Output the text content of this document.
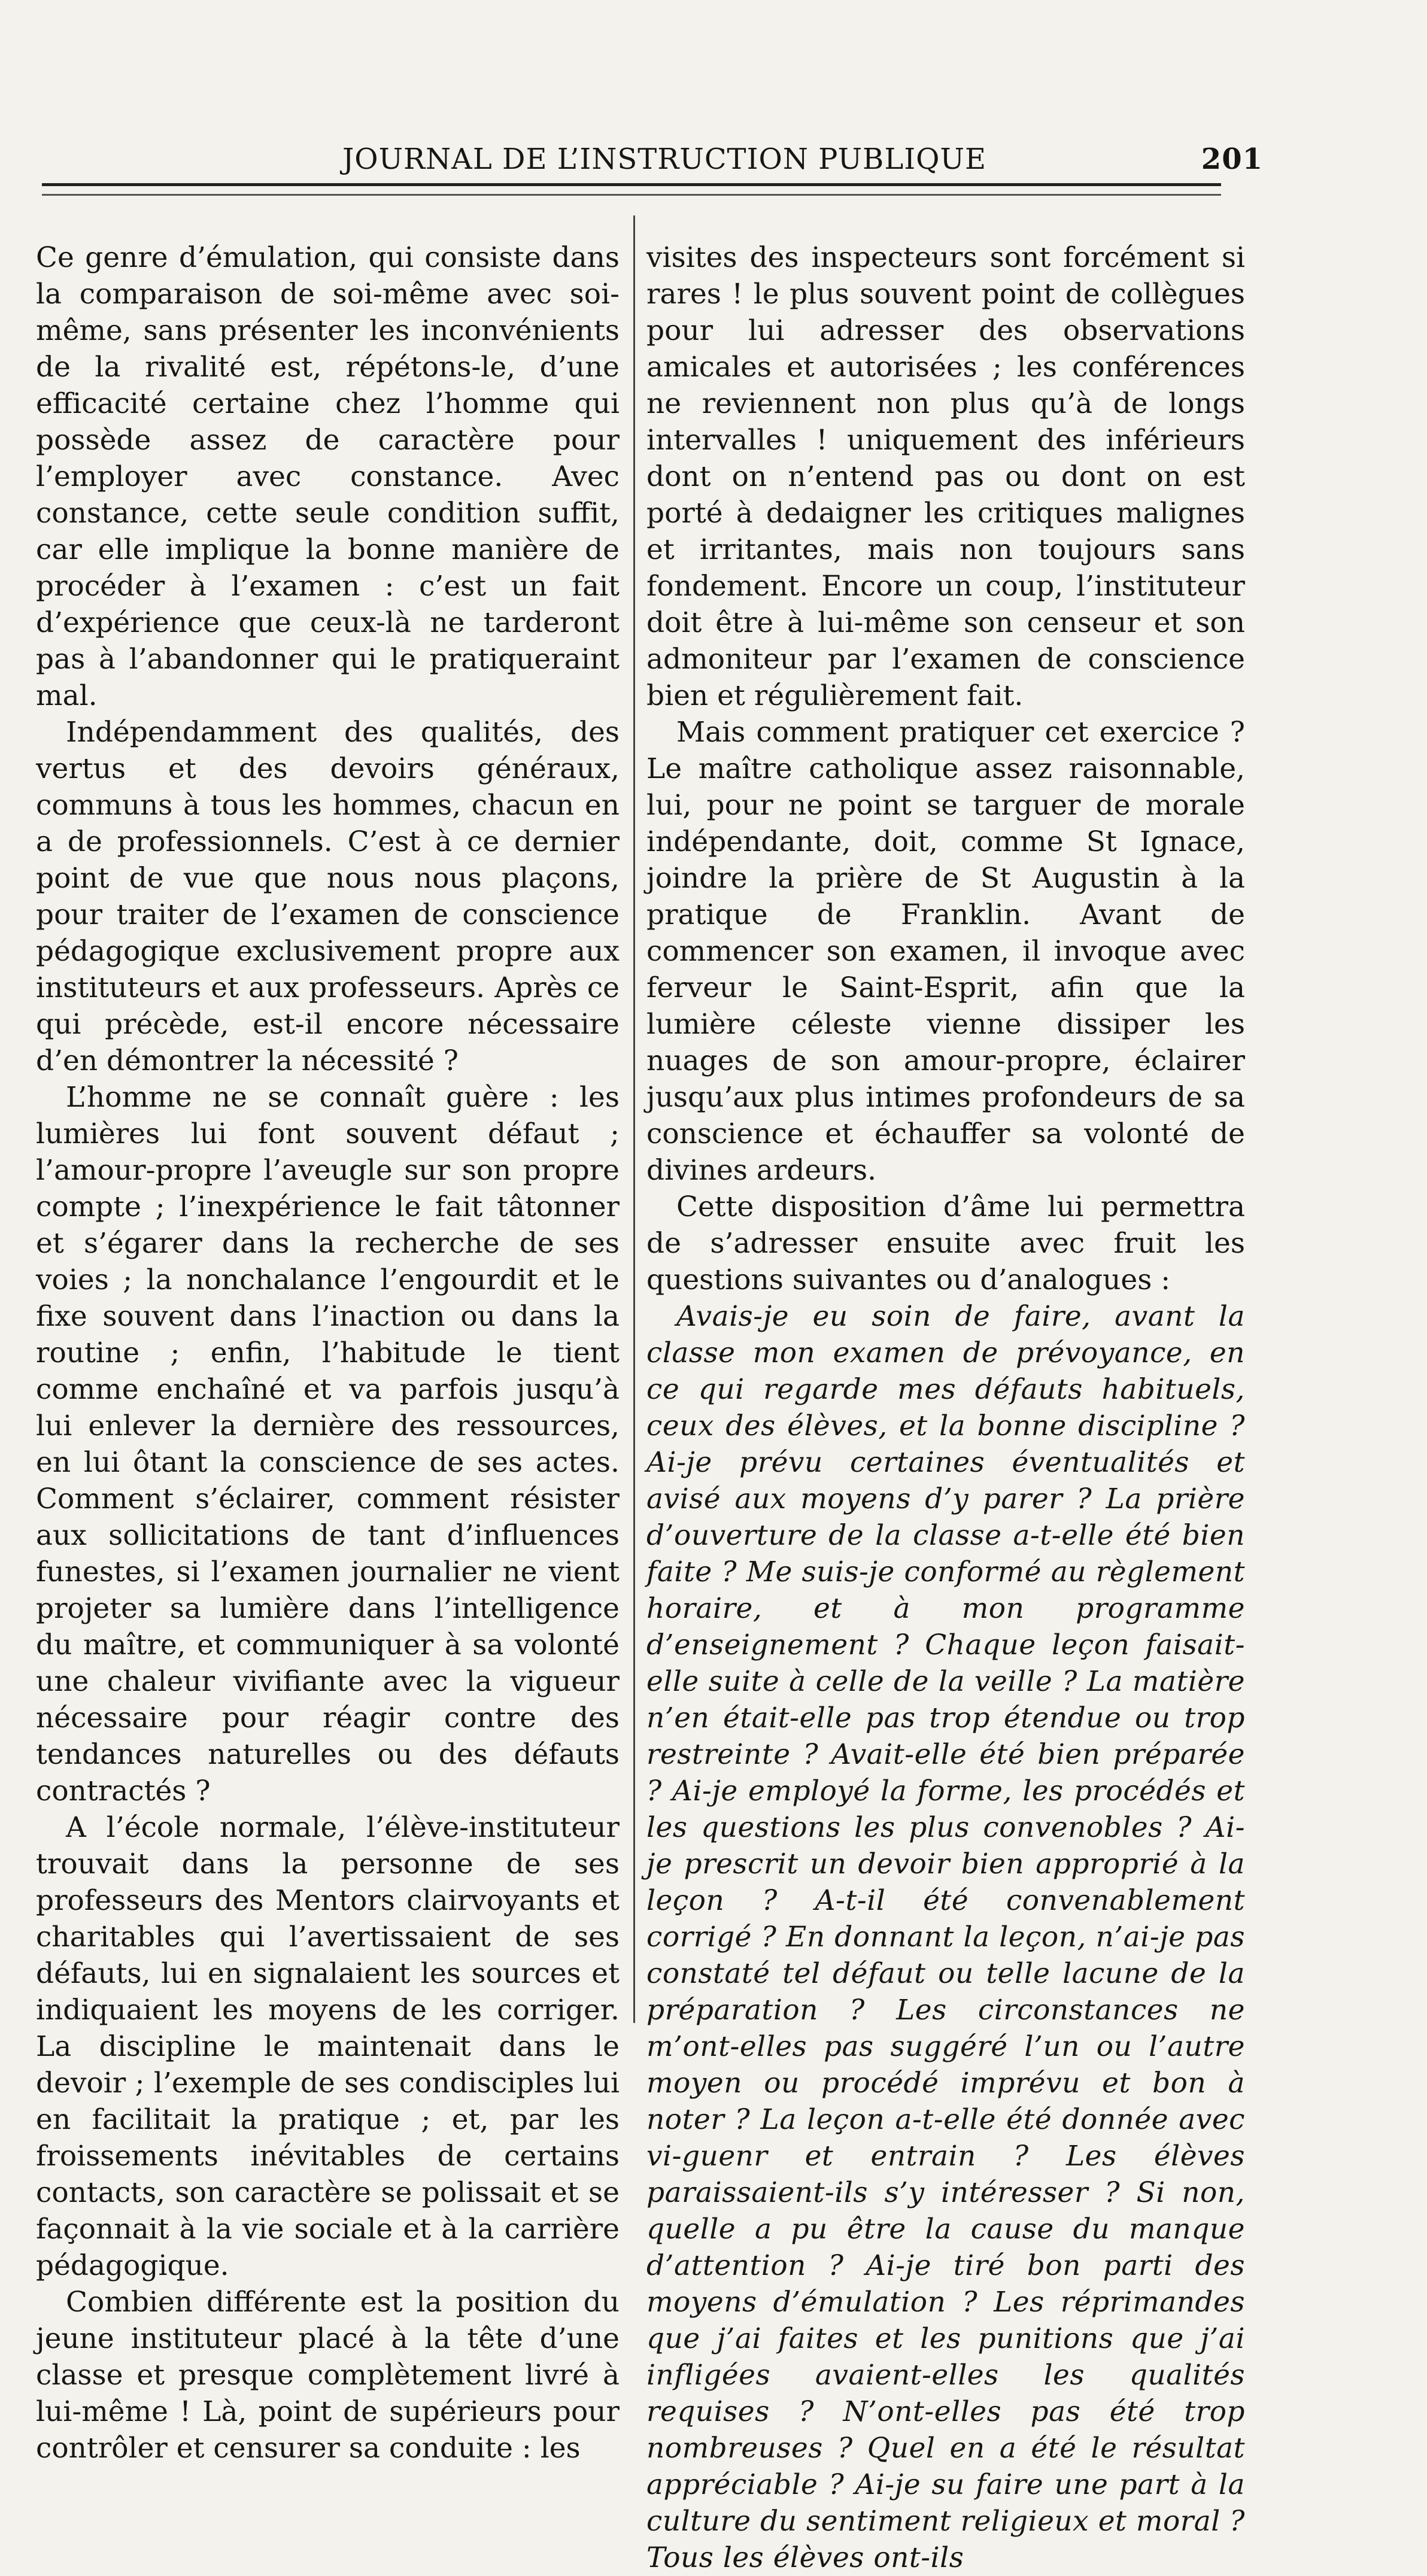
JOURNAL DE L’INSTRUCTION PUBLIQUE	201

Ce genre d’émulation, qui consiste dans la comparaison de soi-même avec soi-même, sans présenter les inconvénients de la rivalité est, répétons-le, d’une efficacité certaine chez l’homme qui possède assez de caractère pour l’employer avec constance. Avec constance, cette seule condition suffit, car elle implique la bonne manière de procéder à l’examen : c’est un fait d’expérience que ceux-là ne tarderont pas à l’abandonner qui le pratiqueraint mal.

Indépendamment des qualités, des vertus et des devoirs généraux, communs à tous les hommes, chacun en a de professionnels. C’est à ce dernier point de vue que nous nous plaçons, pour traiter de l’examen de conscience pédagogique exclusivement propre aux instituteurs et aux professeurs. Après ce qui précède, est-il encore nécessaire d’en démontrer la nécessité ?

L’homme ne se connaît guère : les lumières lui font souvent défaut ; l’amour-propre l’aveugle sur son propre compte ; l’inexpérience le fait tâtonner et s’égarer dans la recherche de ses voies ; la nonchalance l’engourdit et le fixe souvent dans l’inaction ou dans la routine ; enfin, l’habitude le tient comme enchaîné et va parfois jusqu’à lui enlever la dernière des ressources, en lui ôtant la conscience de ses actes. Comment s’éclairer, comment résister aux sollicitations de tant d’influences funestes, si l’examen journalier ne vient projeter sa lumière dans l’intelligence du maître, et communiquer à sa volonté une chaleur vivifiante avec la vigueur nécessaire pour réagir contre des tendances naturelles ou des défauts contractés ?

A l’école normale, l’élève-instituteur trouvait dans la personne de ses professeurs des Mentors clairvoyants et charitables qui l’avertissaient de ses défauts, lui en signalaient les sources et indiquaient les moyens de les corriger. La discipline le maintenait dans le devoir ; l’exemple de ses condisciples lui en facilitait la pratique ; et, par les froissements inévitables de certains contacts, son caractère se polissait et se façonnait à la vie sociale et à la carrière pédagogique.

Combien différente est la position du jeune instituteur placé à la tête d’une classe et presque complètement livré à lui-même ! Là, point de supérieurs pour contrôler et censurer sa conduite : les

visites des inspecteurs sont forcément si rares ! le plus souvent point de collègues pour lui adresser des observations amicales et autorisées ; les conférences ne reviennent non plus qu’à de longs intervalles ! uniquement des inférieurs dont on n’entend pas ou dont on est porté à dedaigner les critiques malignes et irritantes, mais non toujours sans fondement. Encore un coup, l’instituteur doit être à lui-même son censeur et son admoniteur par l’examen de conscience bien et régulièrement fait.

Mais comment pratiquer cet exercice ? Le maître catholique assez raisonnable, lui, pour ne point se targuer de morale indépendante, doit, comme St Ignace, joindre la prière de St Augustin à la pratique de Franklin. Avant de commencer son examen, il invoque avec ferveur le Saint-Esprit, afin que la lumière céleste vienne dissiper les nuages de son amour-propre, éclairer jusqu’aux plus intimes profondeurs de sa conscience et échauffer sa volonté de divines ardeurs.

Cette disposition d’âme lui permettra de s’adresser ensuite avec fruit les questions suivantes ou d’analogues :

Avais-je eu soin de faire, avant la classe mon examen de prévoyance, en ce qui regarde mes défauts habituels, ceux des élèves, et la bonne discipline ? Ai-je prévu certaines éventualités et avisé aux moyens d’y parer ? La prière d’ouverture de la classe a-t-elle été bien faite ? Me suis-je conformé au règlement horaire, et à mon programme d’enseignement ? Chaque leçon faisait-elle suite à celle de la veille ? La matière n’en était-elle pas trop étendue ou trop restreinte ? Avait-elle été bien préparée ? Ai-je employé la forme, les procédés et les questions les plus convenobles ? Ai-je prescrit un devoir bien approprié à la leçon ? A-t-il été convenablement corrigé ? En donnant la leçon, n’ai-je pas constaté tel défaut ou telle lacune de la préparation ? Les circonstances ne m’ont-elles pas suggéré l’un ou l’autre moyen ou procédé imprévu et bon à noter ? La leçon a-t-elle été donnée avec vi-guenr et entrain ? Les élèves paraissaient-ils s’y intéresser ? Si non, quelle a pu être la cause du manque d’attention ? Ai-je tiré bon parti des moyens d’émulation ? Les réprimandes que j’ai faites et les punitions que j’ai infligées avaient-elles les qualités requises ? N’ont-elles pas été trop nombreuses ? Quel en a été le résultat appréciable ? Ai-je su faire une part à la culture du sentiment religieux et moral ? Tous les élèves ont-ils
